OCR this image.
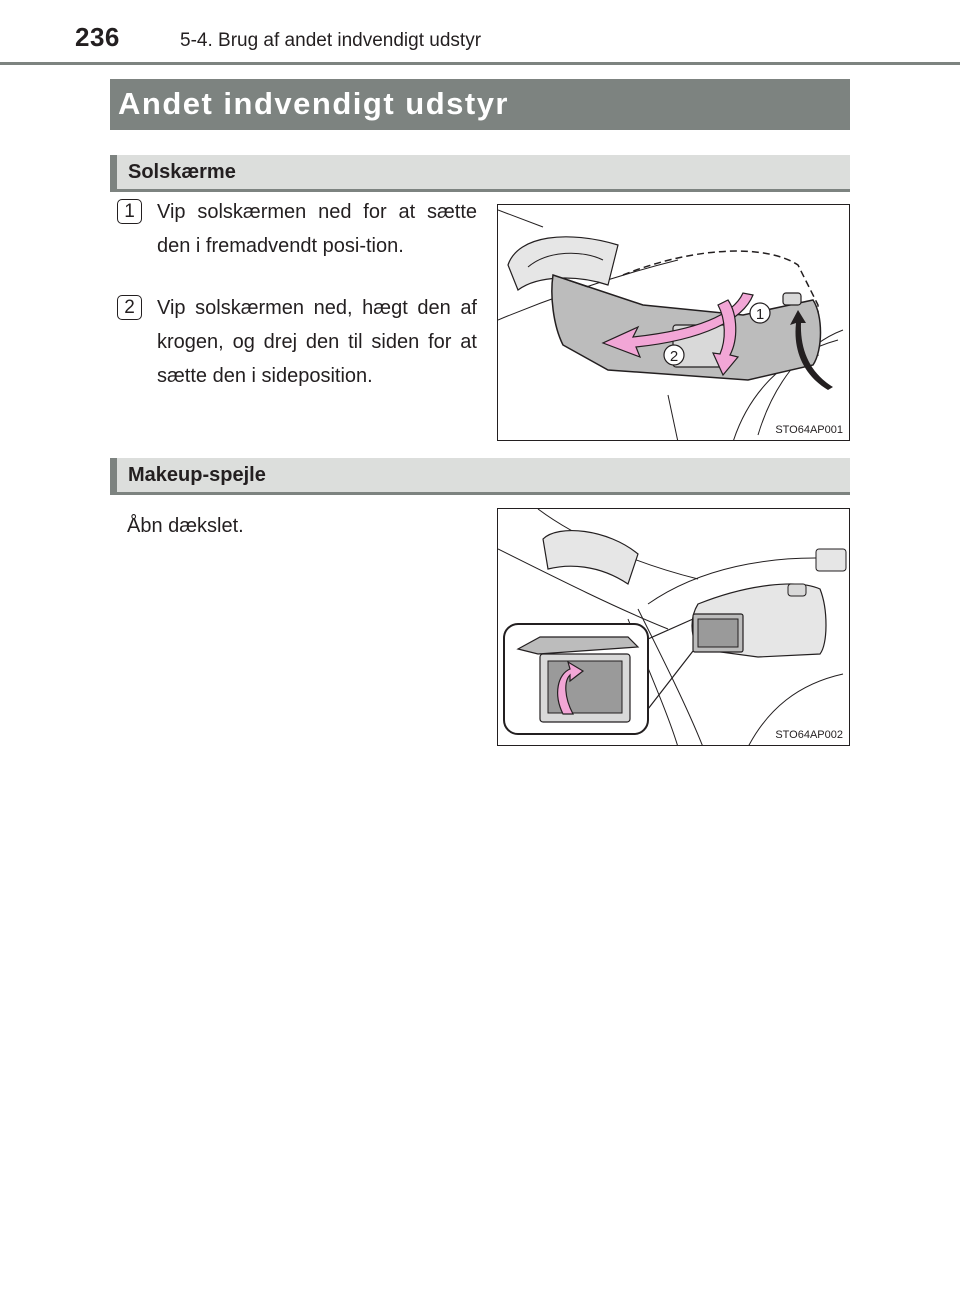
236	5-4. Brug af andet indvendigt udstyr
Andet indvendigt udstyr
Solskærme
1	Vip solskærmen ned for at sætte den i fremadvendt posi-tion.
2	Vip solskærmen ned, hægt den af krogen, og drej den til siden for at sætte den i sideposition.
1
2
STO64AP001
Makeup-spejle
Åbn dækslet.
STO64AP002
